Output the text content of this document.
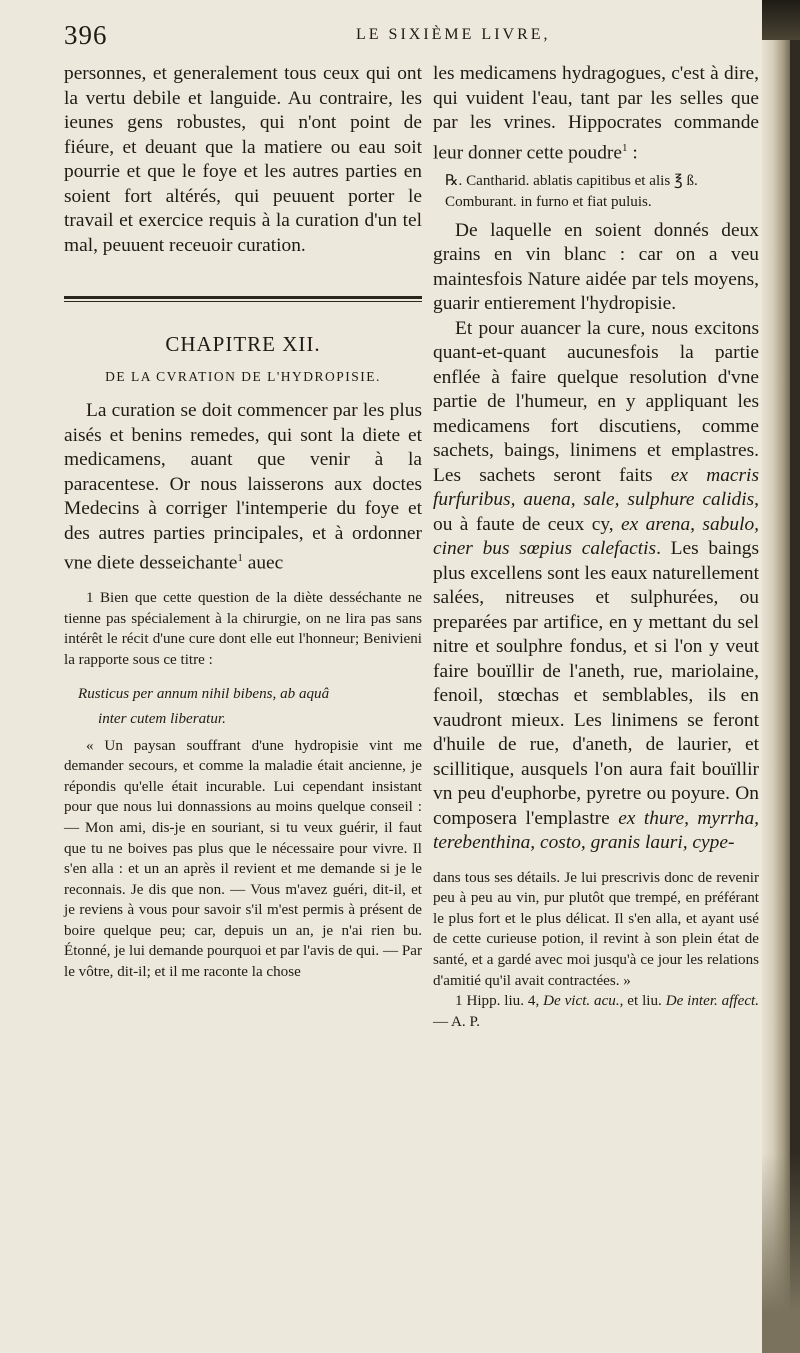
396	LE SIXIÈME LIVRE,

personnes, et generalement tous ceux qui ont la vertu debile et languide. Au contraire, les ieunes gens robustes, qui n'ont point de fiéure, et deuant que la matiere ou eau soit pourrie et que le foye et les autres parties en soient fort altérés, qui peuuent porter le travail et exercice requis à la curation d'un tel mal, peuuent receuoir curation.

CHAPITRE XII.
DE LA CVRATION DE L'HYDROPISIE.

La curation se doit commencer par les plus aisés et benins remedes, qui sont la diete et medicamens, auant que venir à la paracentese. Or nous laisserons aux doctes Medecins à corriger l'intemperie du foye et des autres parties principales, et à ordonner vne diete desseichante$^1$ auec

1 Bien que cette question de la diète desséchante ne tienne pas spécialement à la chirurgie, on ne lira pas sans intérêt le récit d'une cure dont elle eut l'honneur; Benivieni la rapporte sous ce titre :

Rusticus per annum nihil bibens, ab aquâ

inter cutem liberatur.

« Un paysan souffrant d'une hydropisie vint me demander secours, et comme la maladie était ancienne, je répondis qu'elle était incurable. Lui cependant insistant pour que nous lui donnassions au moins quelque conseil : — Mon ami, dis-je en souriant, si tu veux guérir, il faut que tu ne boives pas plus que le nécessaire pour vivre. Il s'en alla : et un an après il revient et me demande si je le reconnais. Je dis que non. — Vous m'avez guéri, dit-il, et je reviens à vous pour savoir s'il m'est permis à présent de boire quelque peu; car, depuis un an, je n'ai rien bu. Étonné, je lui demande pourquoi et par l'avis de qui. — Par le vôtre, dit-il; et il me raconte la chose

les medicamens hydragogues, c'est à dire, qui vuident l'eau, tant par les selles que par les vrines. Hippocrates commande leur donner cette poudre$^1$ :

℞. Cantharid. ablatis capitibus et alis ℥ ß.

Comburant. in furno et fiat puluis.

De laquelle en soient donnés deux grains en vin blanc : car on a veu maintesfois Nature aidée par tels moyens, guarir entierement l'hydropisie.

Et pour auancer la cure, nous excitons quant-et-quant aucunesfois la partie enflée à faire quelque resolution d'vne partie de l'humeur, en y appliquant les medicamens fort discutiens, comme sachets, baings, linimens et emplastres. Les sachets seront faits ex macris furfuribus, auena, sale, sulphure calidis, ou à faute de ceux cy, ex arena, sabulo, ciner bus sœpius calefactis. Les baings plus excellens sont les eaux naturellement salées, nitreuses et sulphurées, ou preparées par artifice, en y mettant du sel nitre et soulphre fondus, et si l'on y veut faire bouïllir de l'aneth, rue, mariolaine, fenoil, stœchas et semblables, ils en vaudront mieux. Les linimens se feront d'huile de rue, d'aneth, de laurier, et scillitique, ausquels l'on aura fait bouïllir vn peu d'euphorbe, pyretre ou poyure. On composera l'emplastre ex thure, myrrha, terebenthina, costo, granis lauri, cype-

dans tous ses détails. Je lui prescrivis donc de revenir peu à peu au vin, pur plutôt que trempé, en préférant le plus fort et le plus délicat. Il s'en alla, et ayant usé de cette curieuse potion, il revint à son plein état de santé, et a gardé avec moi jusqu'à ce jour les relations d'amitié qu'il avait contractées. »

1 Hipp. liu. 4, De vict. acu., et liu. De inter. affect. — A. P.
